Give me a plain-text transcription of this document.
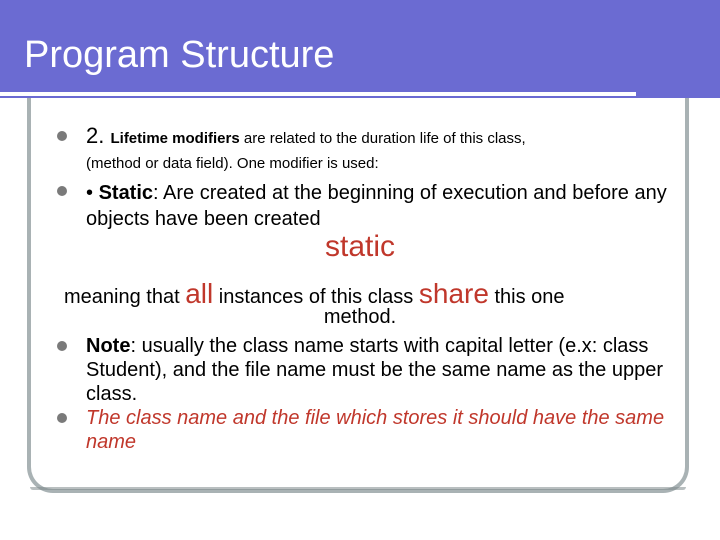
Program Structure
2. Lifetime modifiers are related to the duration life of this class,
(method or data field). One modifier is used:
• Static: Are created at the beginning of execution and before any objects have been created
static
meaning that all instances of this class share this one
method.
Note: usually the class name starts with capital letter (e.x: class Student), and the file name must be the same name as the upper class.
The class name and the file which stores it should have the same name
